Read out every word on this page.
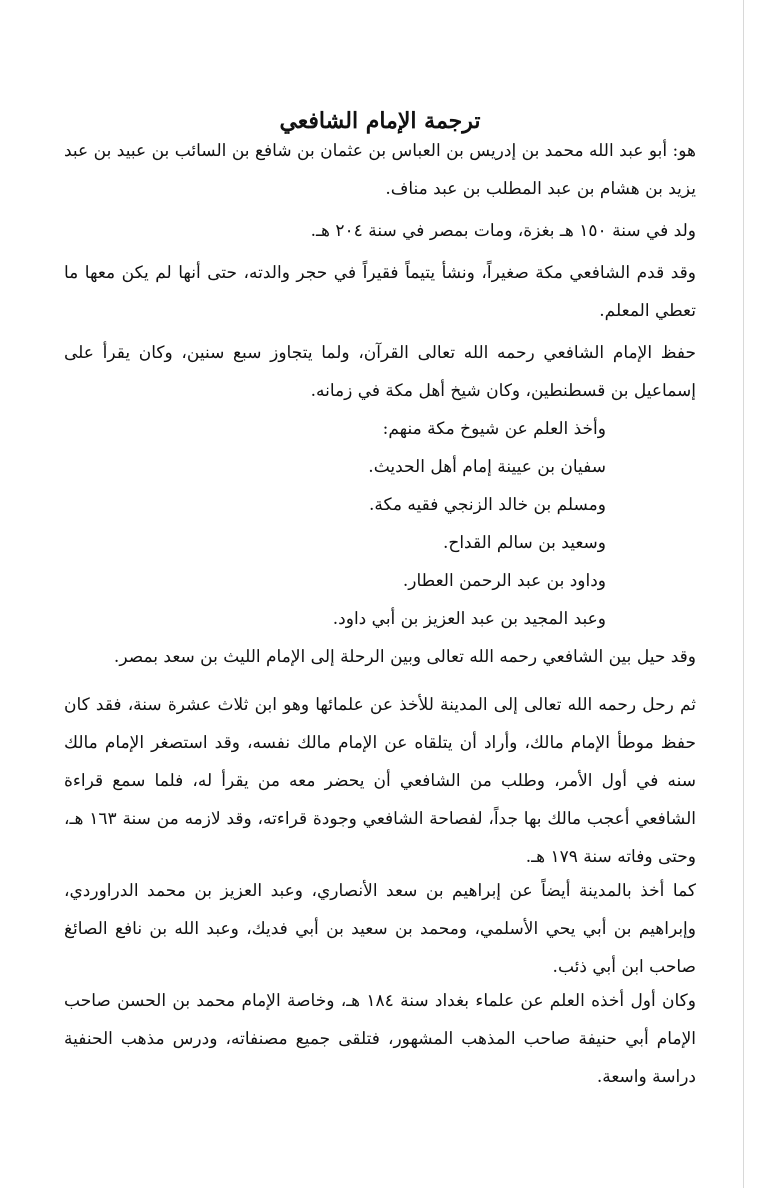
ترجمة الإمام الشافعي

هو: أبو عبد الله محمد بن إدريس بن العباس بن عثمان بن شافع بن السائب بن عبيد بن عبد يزيد بن هشام بن عبد المطلب بن عبد مناف.

ولد في سنة ١٥٠ هـ بغزة، ومات بمصر في سنة ٢٠٤ هـ.

وقد قدم الشافعي مكة صغيراً، ونشأ يتيماً فقيراً في حجر والدته، حتى أنها لم يكن معها ما تعطي المعلم.

حفظ الإمام الشافعي رحمه الله تعالى القرآن، ولما يتجاوز سبع سنين، وكان يقرأ على إسماعيل بن قسطنطين، وكان شيخ أهل مكة في زمانه.

وأخذ العلم عن شيوخ مكة منهم:

سفيان بن عيينة إمام أهل الحديث.

ومسلم بن خالد الزنجي فقيه مكة.

وسعيد بن سالم القداح.

وداود بن عبد الرحمن العطار.

وعبد المجيد بن عبد العزيز بن أبي داود.

وقد حيل بين الشافعي رحمه الله تعالى وبين الرحلة إلى الإمام الليث بن سعد بمصر.

ثم رحل رحمه الله تعالى إلى المدينة للأخذ عن علمائها وهو ابن ثلاث عشرة سنة، فقد كان حفظ موطأ الإمام مالك، وأراد أن يتلقاه عن الإمام مالك نفسه، وقد استصغر الإمام مالك سنه في أول الأمر، وطلب من الشافعي أن يحضر معه من يقرأ له، فلما سمع قراءة الشافعي أعجب مالك بها جداً، لفصاحة الشافعي وجودة قراءته، وقد لازمه من سنة ١٦٣ هـ، وحتى وفاته سنة ١٧٩ هـ.
كما أخذ بالمدينة أيضاً عن إبراهيم بن سعد الأنصاري، وعبد العزيز بن محمد الدراوردي، وإبراهيم بن أبي يحي الأسلمي، ومحمد بن سعيد بن أبي فديك، وعبد الله بن نافع الصائغ صاحب ابن أبي ذئب.
وكان أول أخذه العلم عن علماء بغداد سنة ١٨٤ هـ، وخاصة الإمام محمد بن الحسن صاحب الإمام أبي حنيفة صاحب المذهب المشهور، فتلقى جميع مصنفاته، ودرس مذهب الحنفية دراسة واسعة.
